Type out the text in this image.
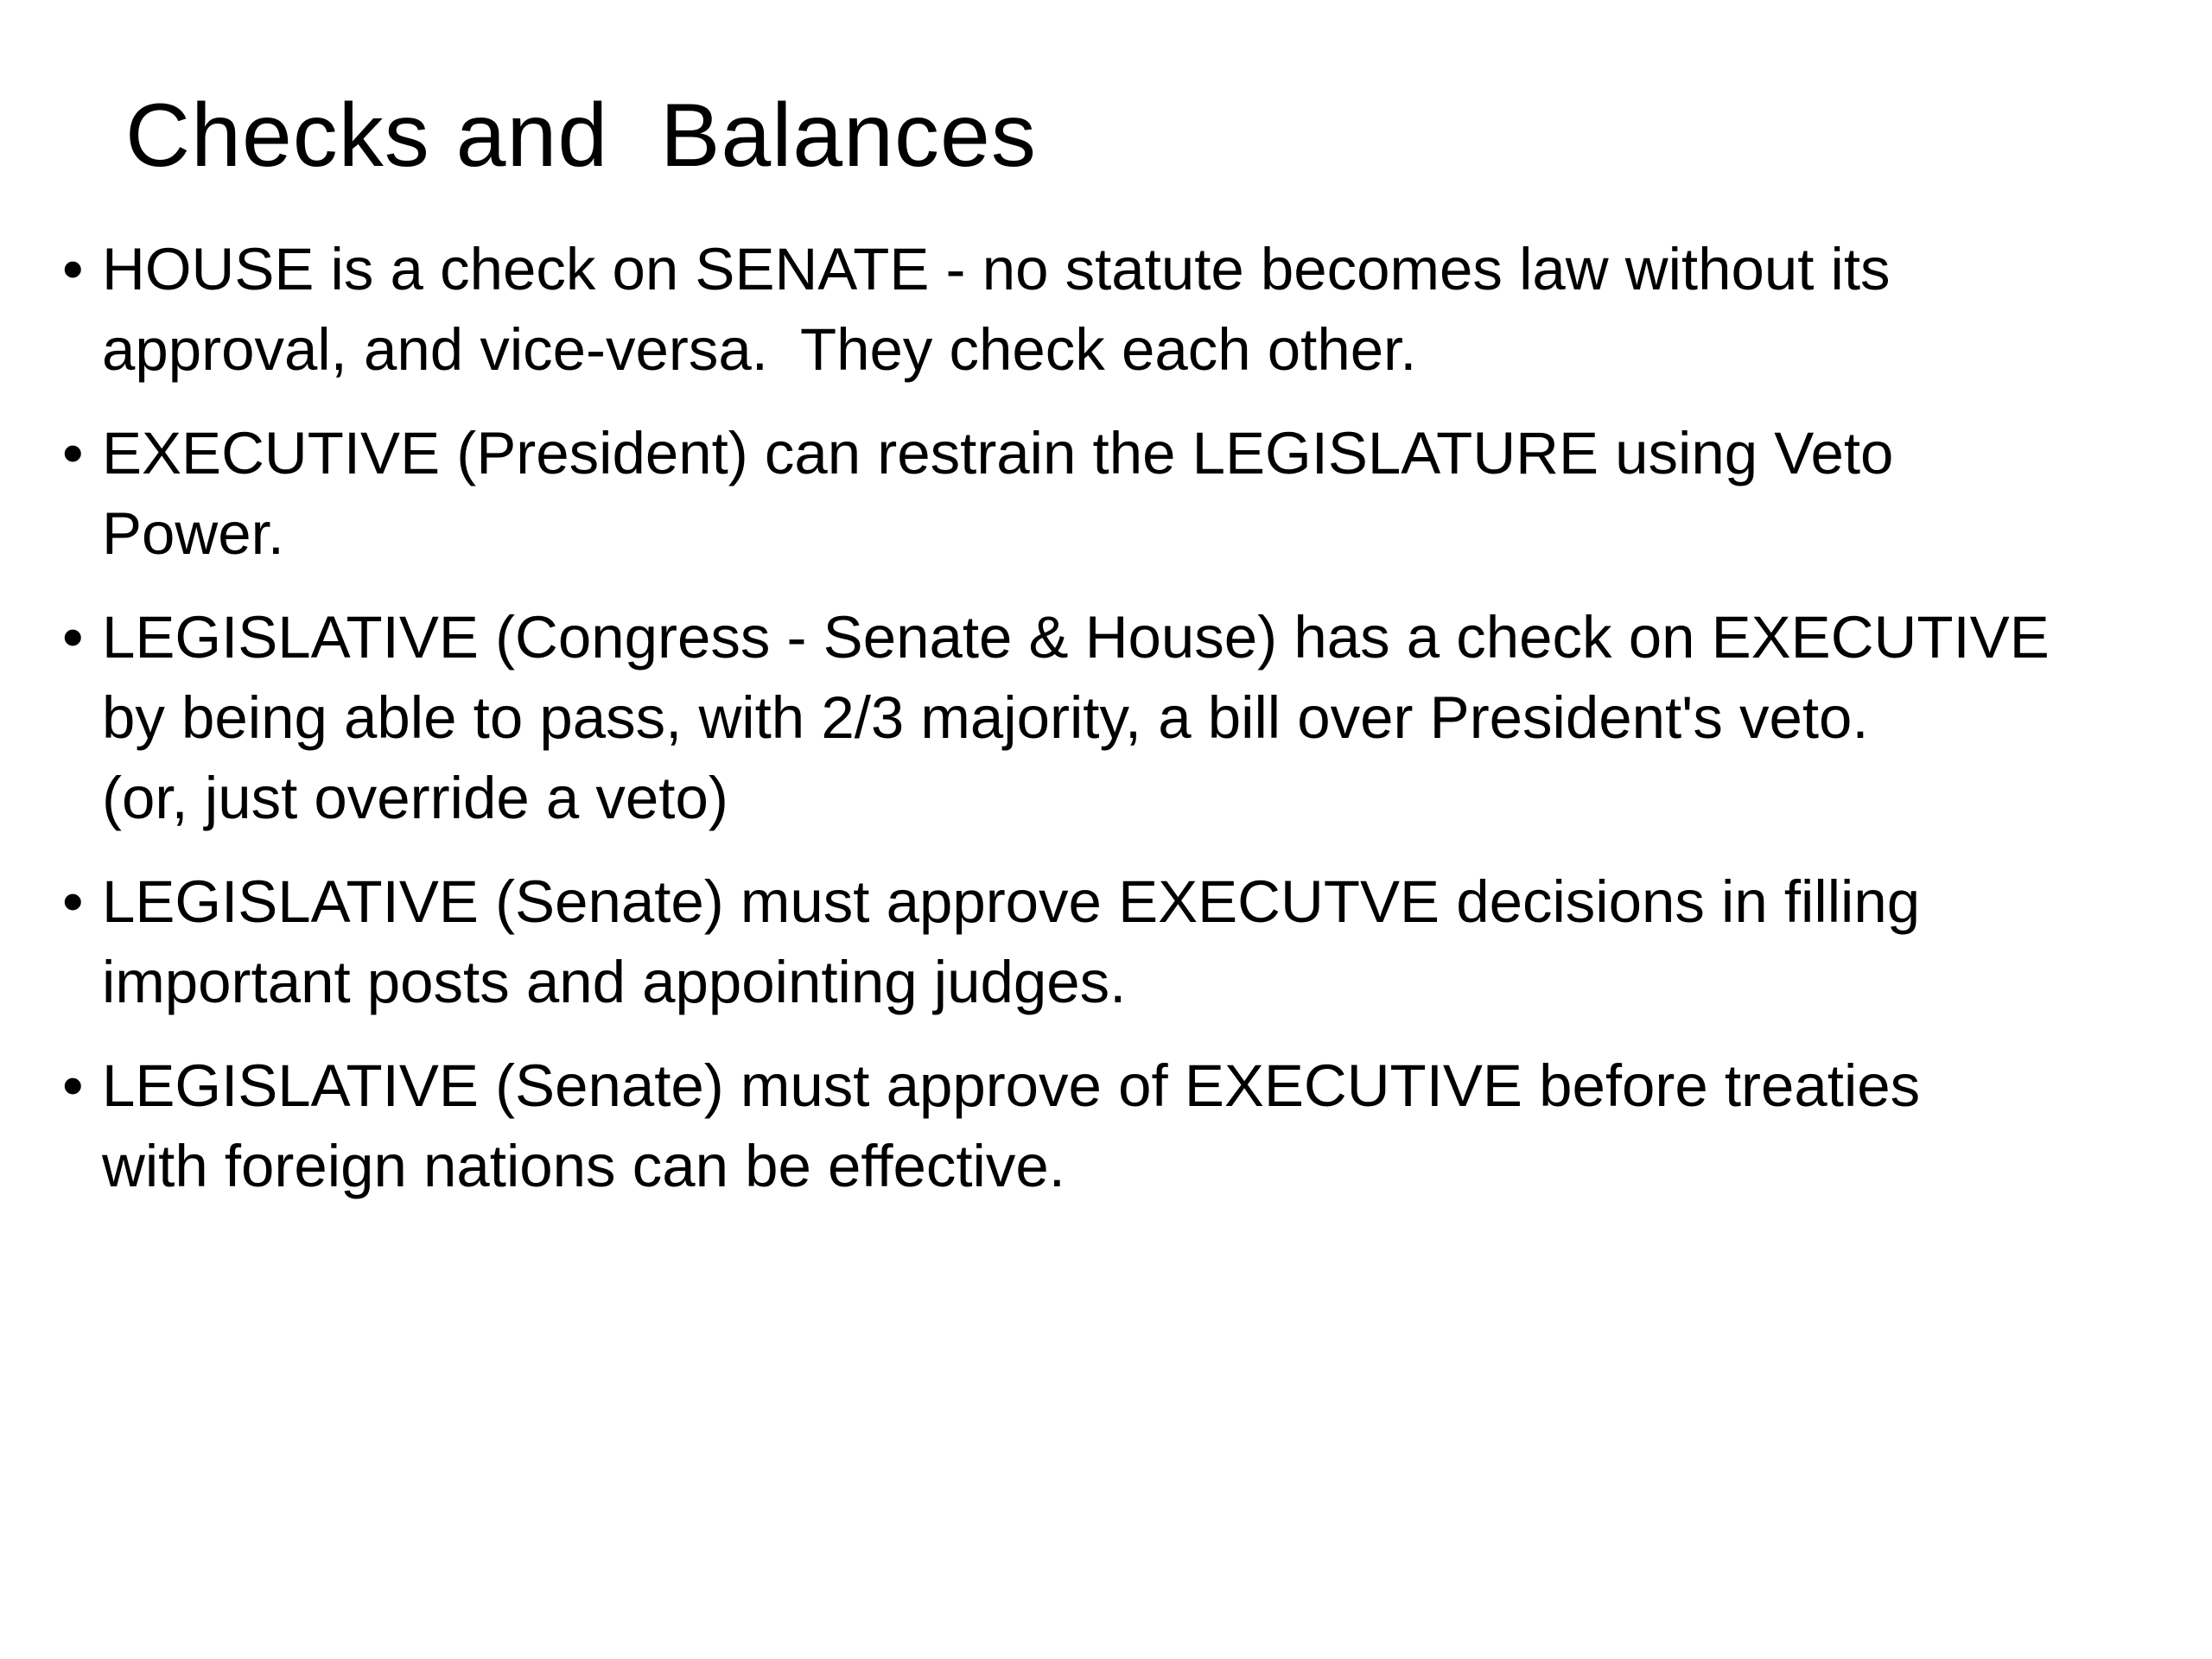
Checks and  Balances
• HOUSE is a check on SENATE - no statute becomes law without its
approval, and vice-versa.  They check each other.
• EXECUTIVE (President) can restrain the LEGISLATURE using Veto
Power.
• LEGISLATIVE (Congress - Senate & House) has a check on EXECUTIVE
by being able to pass, with 2/3 majority, a bill over President's veto.
(or, just override a veto)
• LEGISLATIVE (Senate) must approve EXECUTVE decisions in filling
important posts and appointing judges.
• LEGISLATIVE (Senate) must approve of EXECUTIVE before treaties
with foreign nations can be effective.
